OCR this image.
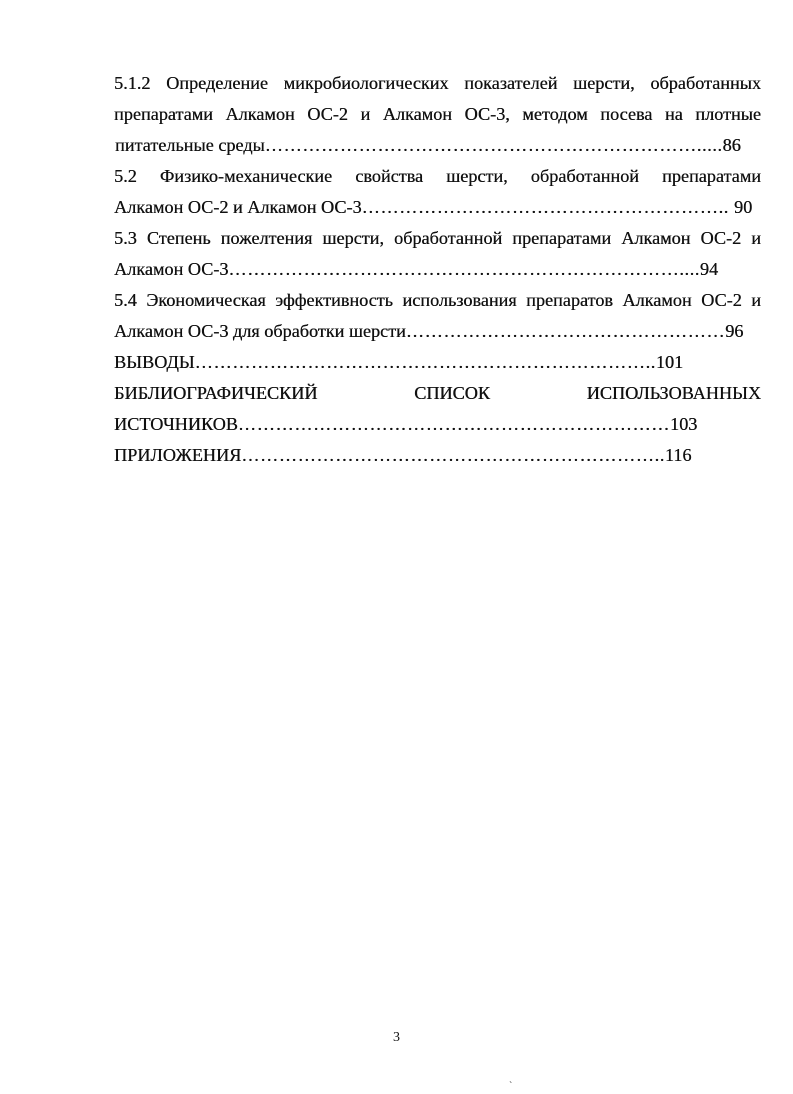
5.1.2 Определение микробиологических показателей шерсти, обработанных
препаратами Алкамон ОС-2 и Алкамон ОС-3, методом посева на плотные
питательные среды…………………………………………………………….....86
5.2 Физико-механические свойства шерсти, обработанной препаратами
Алкамон ОС-2 и Алкамон ОС-3………………………………………………….. 90
5.3 Степень пожелтения шерсти, обработанной препаратами Алкамон ОС-2 и
Алкамон ОС-3………………………………………………………………....94
5.4 Экономическая эффективность использования препаратов Алкамон ОС-2 и
Алкамон ОС-3 для обработки шерсти……………………………………………96
ВЫВОДЫ………………………………………………………………..101
БИБЛИОГРАФИЧЕСКИЙ	СПИСОК	ИСПОЛЬЗОВАННЫХ
ИСТОЧНИКОВ……………………………………………………………103
ПРИЛОЖЕНИЯ…………………………………………………………..116
3
`
